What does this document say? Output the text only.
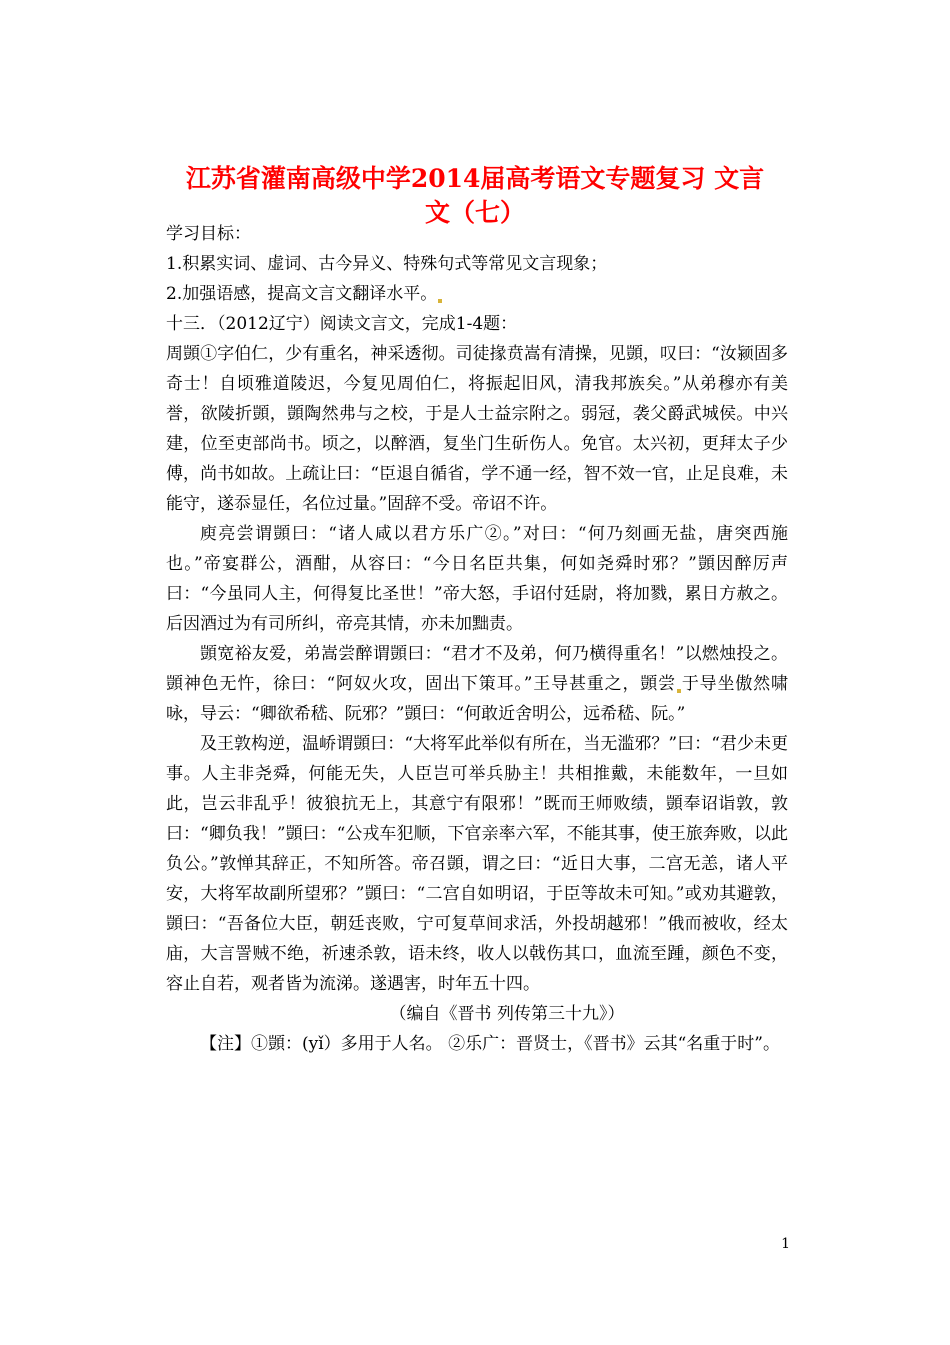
江苏省灌南高级中学2014届高考语文专题复习 文言
文（七）

学习目标：

1.积累实词、虚词、古今异义、特殊句式等常见文言现象；

2.加强语感，提高文言文翻译水平。

十三．（2012辽宁）阅读文言文，完成1-4题：

周顗①字伯仁，少有重名，神采透彻。司徒掾贲嵩有清操，见顗，叹曰：“汝颍固多奇士！自顷雅道陵迟，今复见周伯仁，将振起旧风，清我邦族矣。”从弟穆亦有美誉，欲陵折顗，顗陶然弗与之校，于是人士益宗附之。弱冠，袭父爵武城侯。中兴建，位至吏部尚书。顷之，以醉酒，复坐门生斫伤人。免官。太兴初，更拜太子少傅，尚书如故。上疏让曰：“臣退自循省，学不通一经，智不效一官，止足良难，未能守，遂忝显任，名位过量。”固辞不受。帝诏不许。

庾亮尝谓顗曰：“诸人咸以君方乐广②。”对曰：“何乃刻画无盐，唐突西施也。”帝宴群公，酒酣，从容曰：“今日名臣共集，何如尧舜时邪？”顗因醉厉声曰：“今虽同人主，何得复比圣世！”帝大怒，手诏付廷尉，将加戮，累日方赦之。后因酒过为有司所纠，帝亮其情，亦未加黜责。

顗宽裕友爱，弟嵩尝醉谓顗曰：“君才不及弟，何乃横得重名！”以燃烛投之。顗神色无忤，徐曰：“阿奴火攻，固出下策耳。”王导甚重之，顗尝 于导坐傲然啸咏，导云：“卿欲希嵇、阮邪？”顗曰：“何敢近舍明公，远希嵇、阮。”

及王敦构逆，温峤谓顗曰：“大将军此举似有所在，当无滥邪？”曰：“君少未更事。人主非尧舜，何能无失，人臣岂可举兵胁主！共相推戴，未能数年，一旦如此，岂云非乱乎！彼狼抗无上，其意宁有限邪！”既而王师败绩，顗奉诏诣敦，敦曰：“卿负我！”顗曰：“公戎车犯顺，下官亲率六军，不能其事，使王旅奔败，以此负公。”敦惮其辞正，不知所答。帝召顗，谓之曰：“近日大事，二宫无恙，诸人平安，大将军故副所望邪？”顗曰：“二宫自如明诏，于臣等故未可知。”或劝其避敦，顗曰：“吾备位大臣，朝廷丧败，宁可复草间求活，外投胡越邪！”俄而被收，经太庙，大言詈贼不绝，祈速杀敦，语未终，收人以戟伤其口，血流至踵，颜色不变，容止自若，观者皆为流涕。遂遇害，时年五十四。

（编自《晋书 列传第三十九》）

【注】①顗：(yǐ）多用于人名。 ②乐广：晋贤士，《晋书》云其“名重于时”。

1
